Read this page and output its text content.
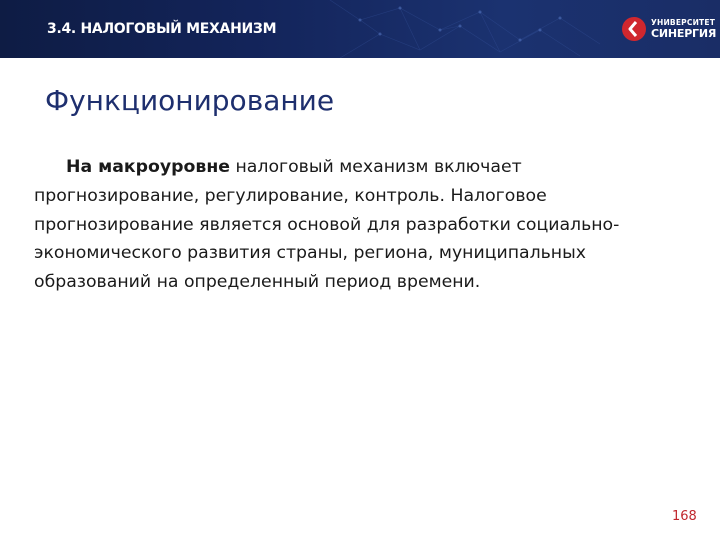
3.4. НАЛОГОВЫЙ МЕХАНИЗМ	УНИВЕРСИТЕТ
СИНЕРГИЯ
Функционирование
На макроуровне налоговый механизм включает прогнозирование, регулирование, контроль. Налоговое прогнозирование является основой для разработки социально-экономического развития страны, региона, муниципальных образований на определенный период времени.
168
